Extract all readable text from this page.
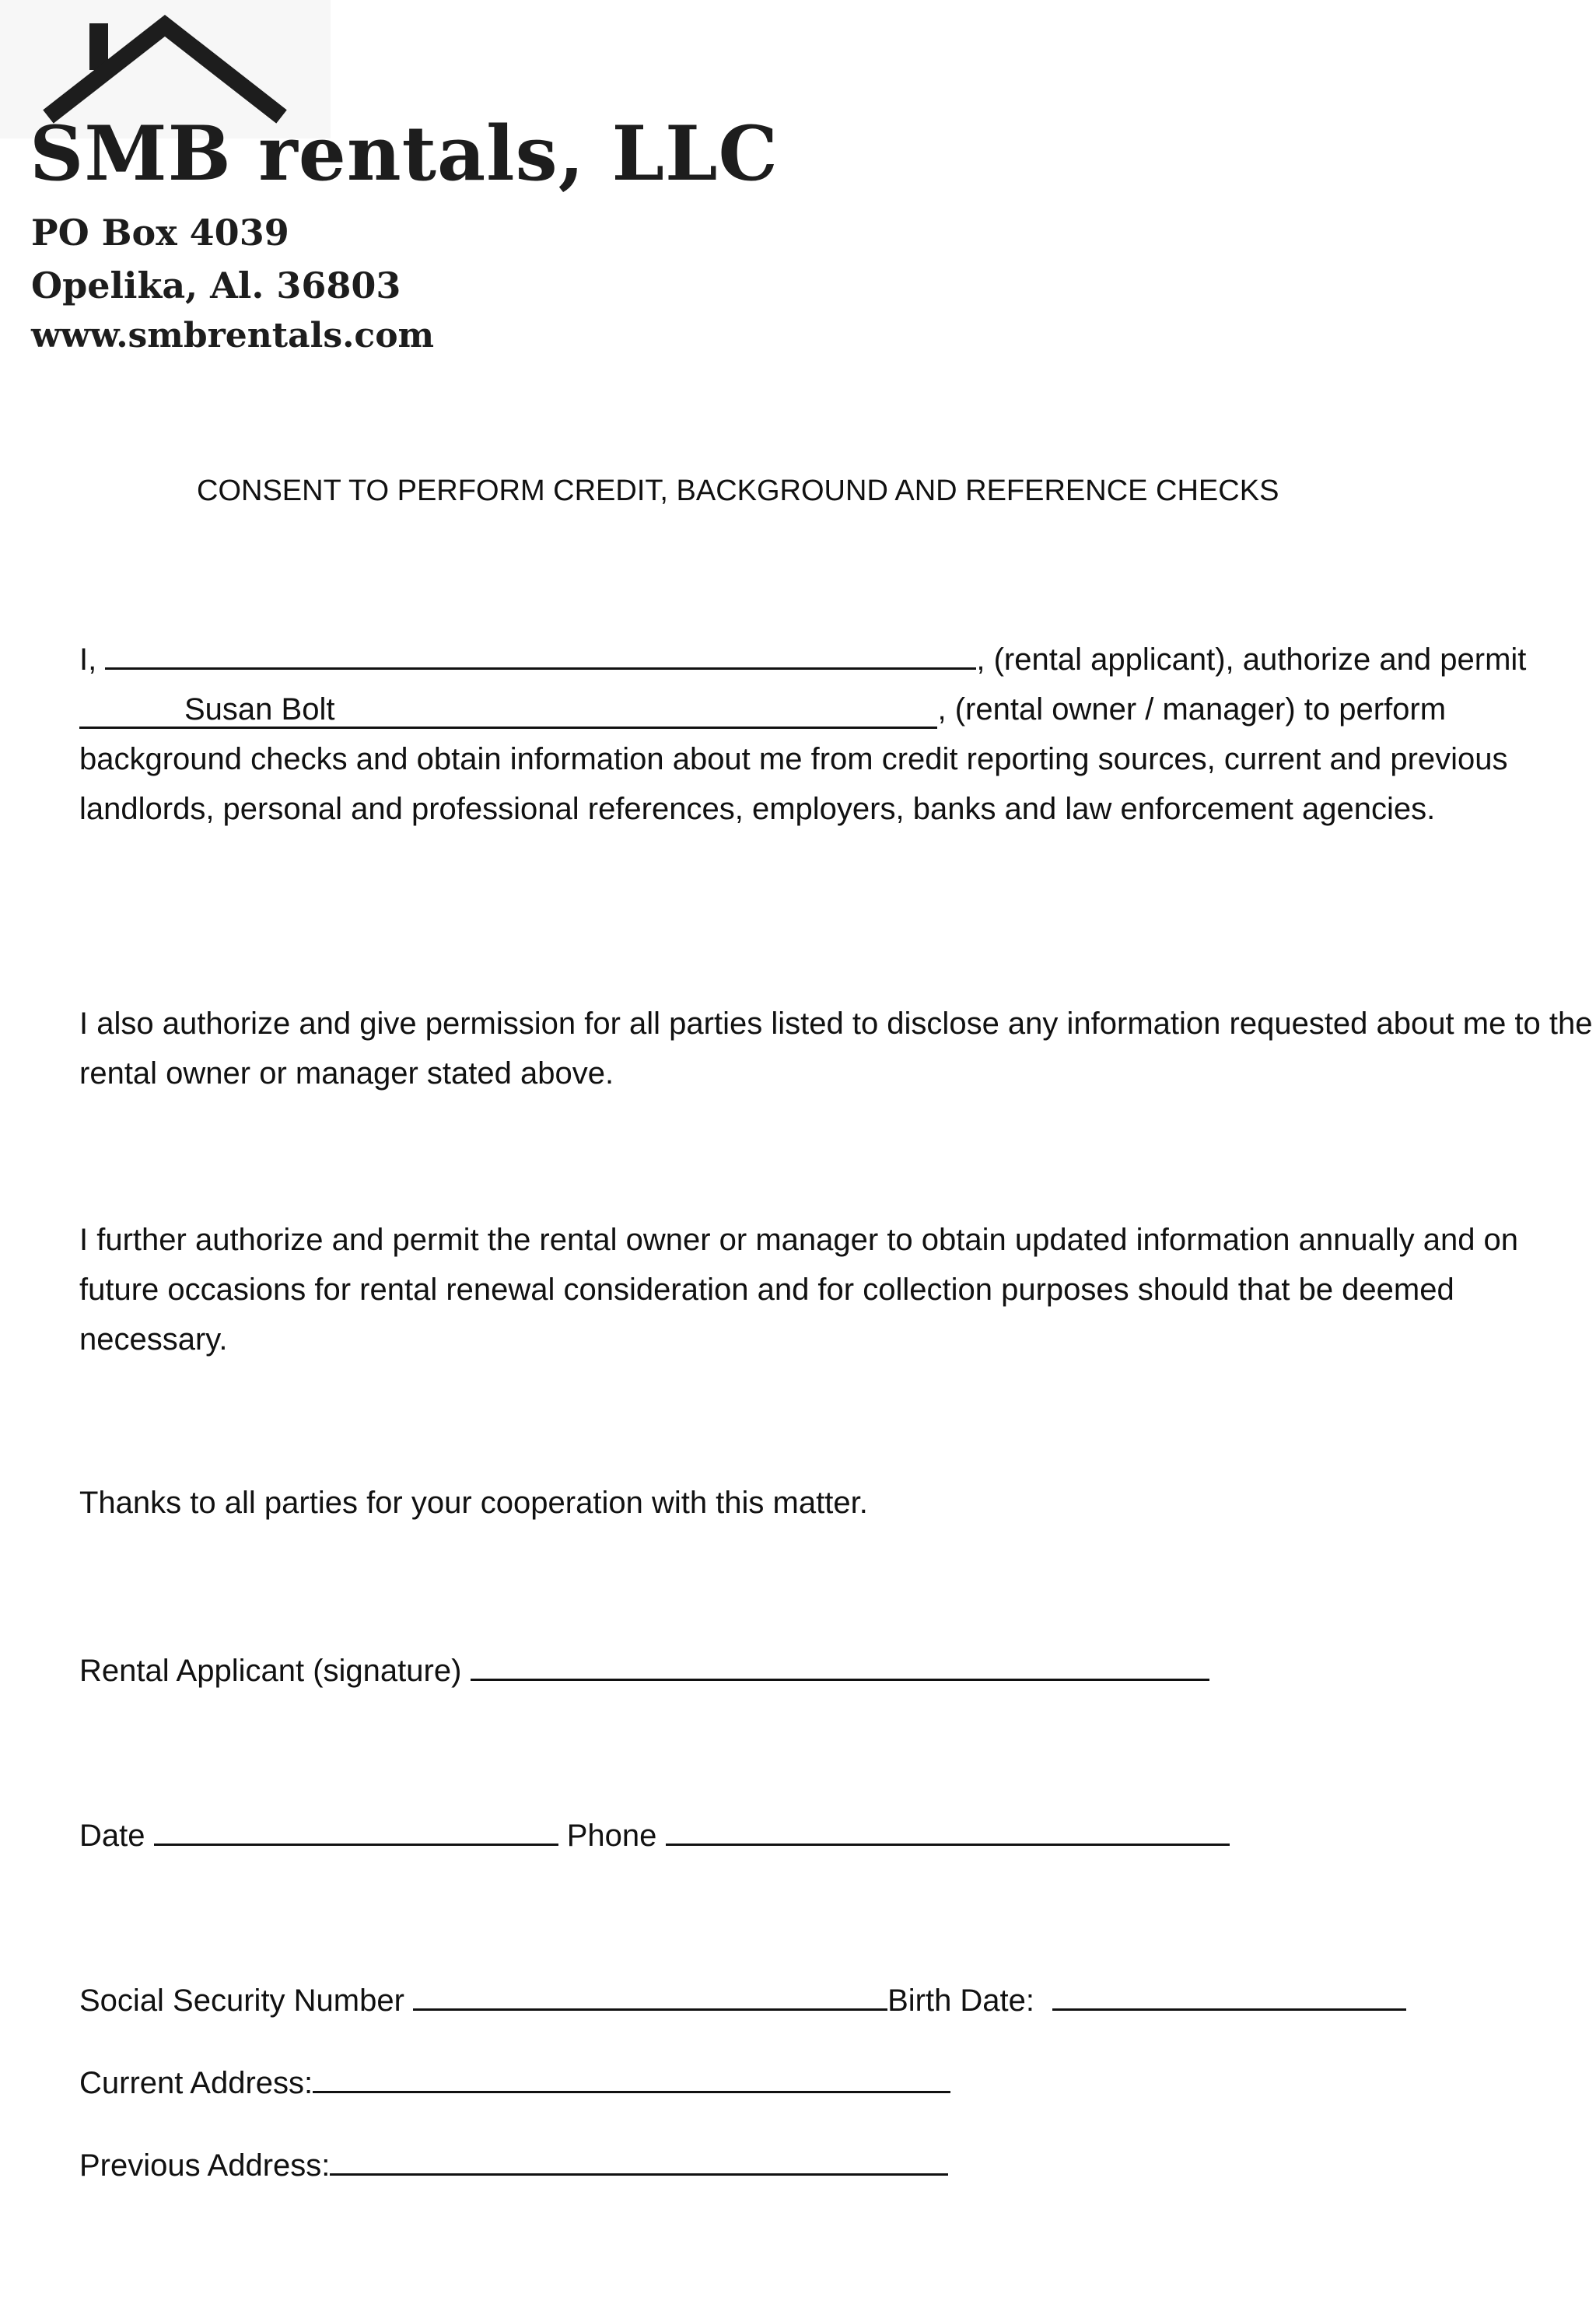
SMB rentals, LLC

PO Box 4039

Opelika, Al. 36803

www.smbrentals.com

CONSENT TO PERFORM CREDIT, BACKGROUND AND REFERENCE CHECKS

I,	, (rental applicant), authorize and permit
Susan Bolt	, (rental owner / manager) to perform background checks and obtain information about me from credit reporting sources, current and previous landlords, personal and professional references, employers, banks and law enforcement agencies.

I also authorize and give permission for all parties listed to disclose any information requested about me to the rental owner or manager stated above.

I further authorize and permit the rental owner or manager to obtain updated information annually and on future occasions for rental renewal consideration and for collection purposes should that be deemed necessary.

Thanks to all parties for your cooperation with this matter.

Rental Applicant (signature)

Date	Phone

Social Security Number	Birth Date:

Current Address:

Previous Address:
